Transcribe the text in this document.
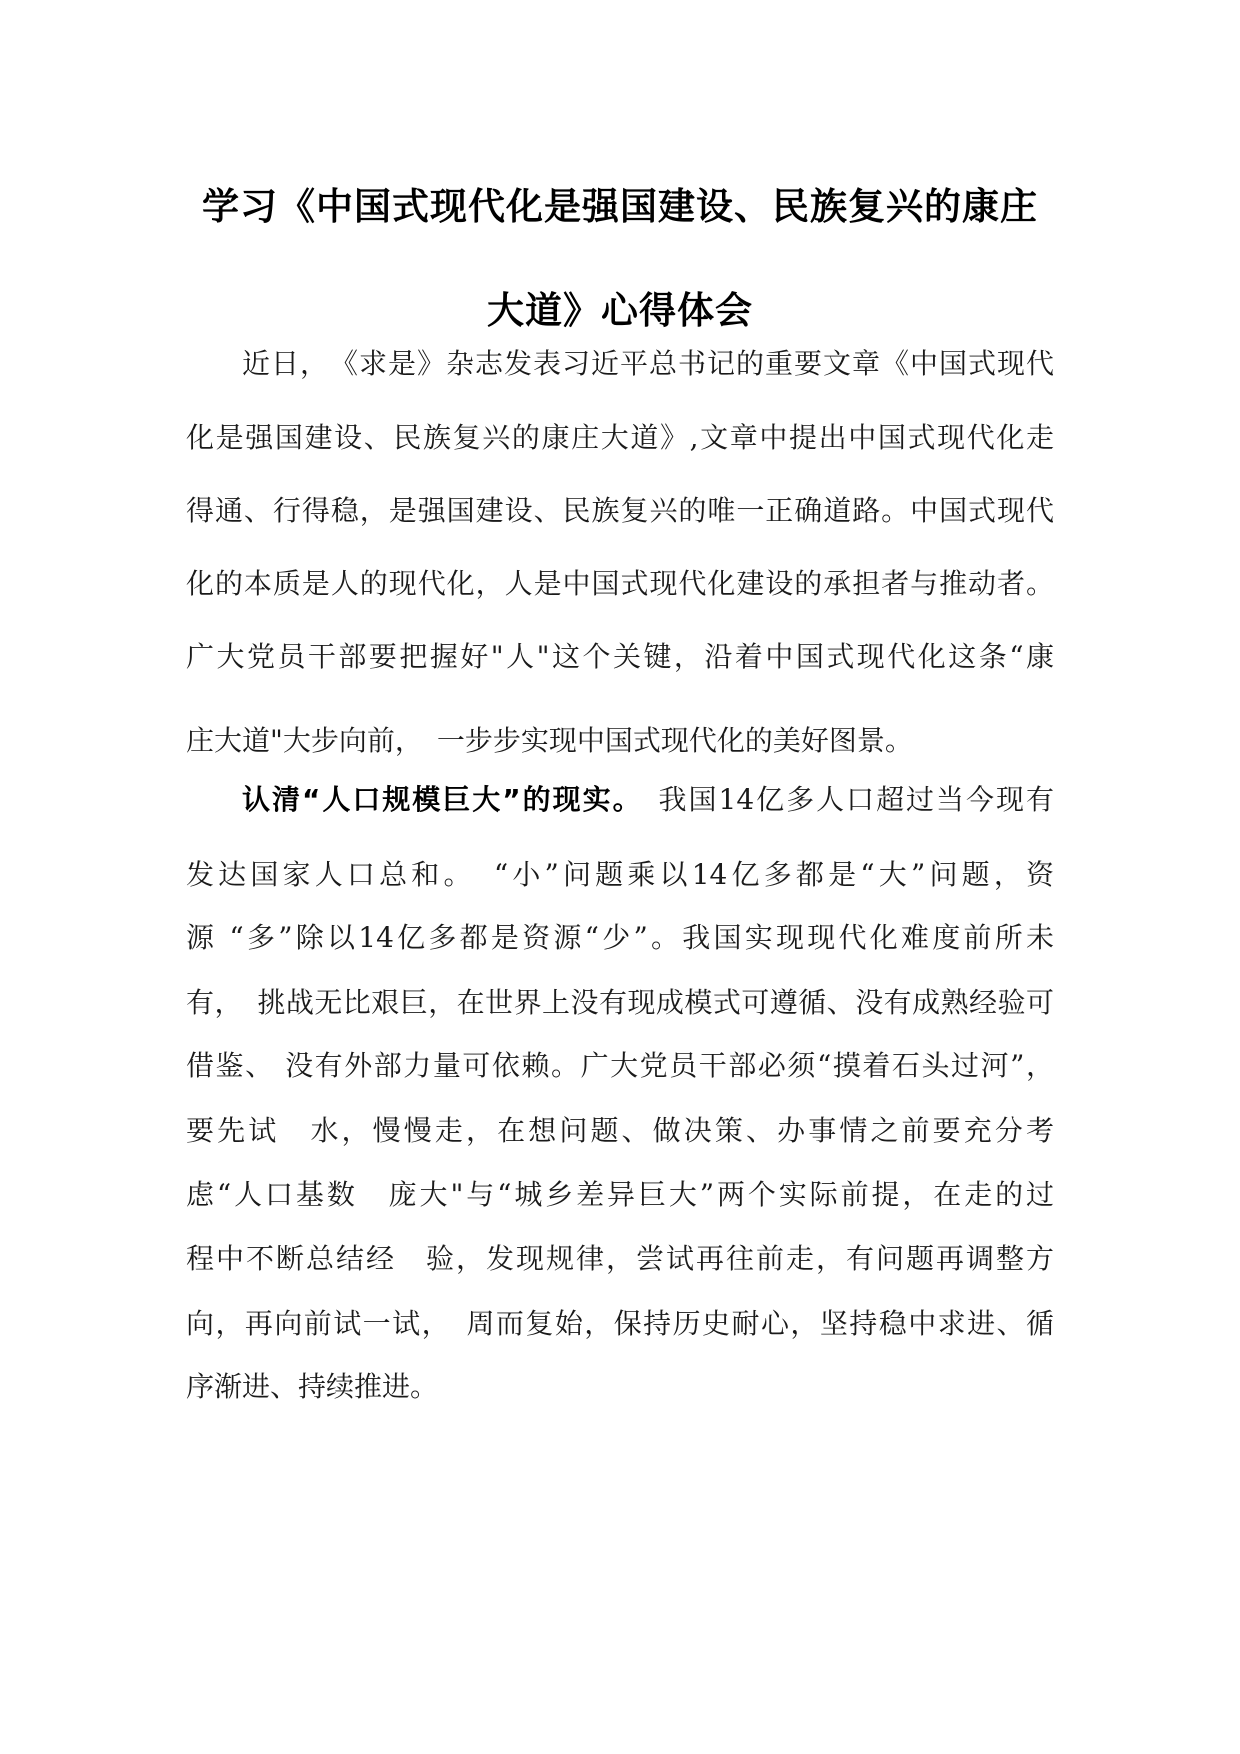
学习《中国式现代化是强国建设、民族复兴的康庄
大道》心得体会
近日，　《求是》杂志发表习近平总书记的重要文章《中国式现代
化是强国建设、民族复兴的康庄大道》,文章中提出中国式现代化走
得通、行得稳，是强国建设、民族复兴的唯一正确道路。中国式现代
化的本质是人的现代化，人是中国式现代化建设的承担者与推动者。
广大党员干部要把握好"人"这个关键，沿着中国式现代化这条“康
庄大道"大步向前，　一步步实现中国式现代化的美好图景。
认清“人口规模巨大”的现实。　我国14亿多人口超过当今现有
发达国家人口总和。　“小”问题乘以14亿多都是“大”问题，资
源 “多”除以14亿多都是资源“少”。我国实现现代化难度前所未
有，　挑战无比艰巨，在世界上没有现成模式可遵循、没有成熟经验可
借鉴、 没有外部力量可依赖。广大党员干部必须“摸着石头过河”，
要先试　水，慢慢走，在想问题、做决策、办事情之前要充分考
虑“人口基数　庞大"与“城乡差异巨大”两个实际前提，在走的过
程中不断总结经　验，发现规律，尝试再往前走，有问题再调整方
向，再向前试一试，　周而复始，保持历史耐心，坚持稳中求进、循
序渐进、持续推进。
